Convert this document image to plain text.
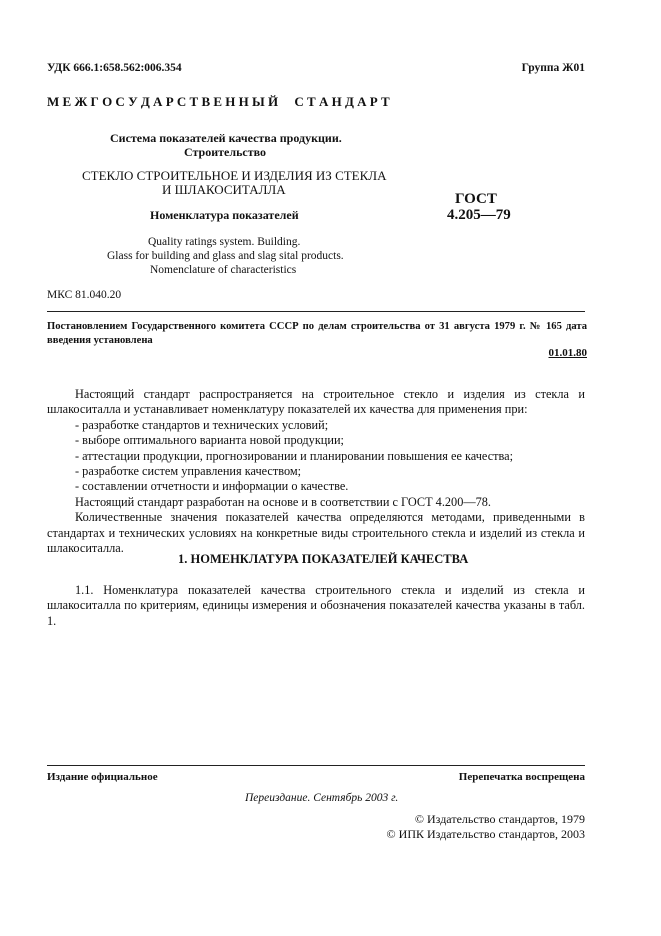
УДК 666.1:658.562:006.354	Группа Ж01
М Е Ж Г О С У Д А Р С Т В Е Н Н Ы Й     С Т А Н Д А Р Т
Система показателей качества продукции.
Строительство
СТЕКЛО СТРОИТЕЛЬНОЕ И ИЗДЕЛИЯ ИЗ СТЕКЛА
И ШЛАКОСИТАЛЛА
Номенклатура показателей
ГОСТ
4.205—79
Quality ratings system. Building.
Glass for building and glass and slag sital products.
Nomenclature of characteristics
МКС 81.040.20
Постановлением Государственного комитета СССР по делам строительства от 31 августа 1979 г. № 165 дата введения установлена
01.01.80

Настоящий стандарт распространяется на строительное стекло и изделия из стекла и шлакоситалла и устанавливает номенклатуру показателей их качества для применения при:

- разработке стандартов и технических условий;
- выборе оптимального варианта новой продукции;
- аттестации продукции, прогнозировании и планировании повышения ее качества;
- разработке систем управления качеством;
- составлении отчетности и информации о качестве.

Настоящий стандарт разработан на основе и в соответствии с ГОСТ 4.200—78.

Количественные значения показателей качества определяются методами, приведенными в стандартах и технических условиях на конкретные виды строительного стекла и изделий из стекла и шлакоситалла.

1. НОМЕНКЛАТУРА ПОКАЗАТЕЛЕЙ КАЧЕСТВА

1.1. Номенклатура показателей качества строительного стекла и изделий из стекла и шлакоситалла по критериям, единицы измерения и обозначения показателей качества указаны в табл. 1.

Издание официальное	Перепечатка воспрещена
Переиздание. Сентябрь 2003 г.
© Издательство стандартов, 1979
© ИПК Издательство стандартов, 2003
